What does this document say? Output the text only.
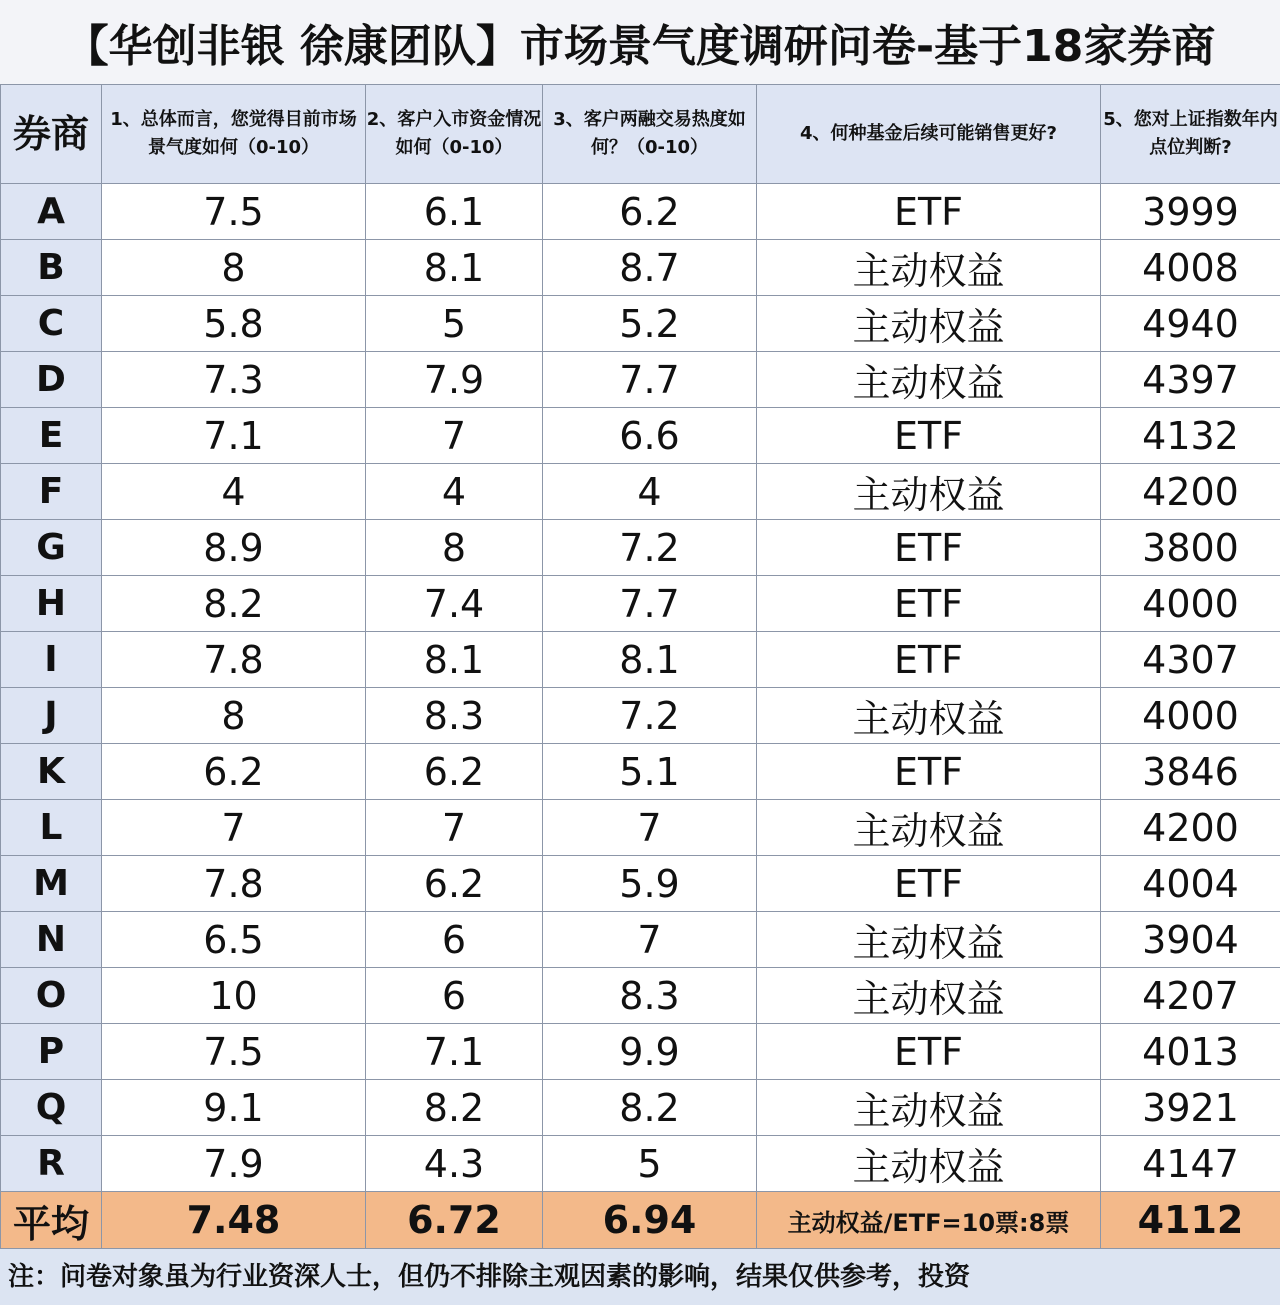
【华创非银 徐康团队】市场景气度调研问卷-基于18家券商
券商	1、总体而言，您觉得目前市场景气度如何（0-10）	2、客户入市资金情况如何（0-10）	3、客户两融交易热度如何？（0-10）	4、何种基金后续可能销售更好?	5、您对上证指数年内点位判断?
A	7.5	6.1	6.2	ETF	3999
B	8	8.1	8.7	主动权益	4008
C	5.8	5	5.2	主动权益	4940
D	7.3	7.9	7.7	主动权益	4397
E	7.1	7	6.6	ETF	4132
F	4	4	4	主动权益	4200
G	8.9	8	7.2	ETF	3800
H	8.2	7.4	7.7	ETF	4000
I	7.8	8.1	8.1	ETF	4307
J	8	8.3	7.2	主动权益	4000
K	6.2	6.2	5.1	ETF	3846
L	7	7	7	主动权益	4200
M	7.8	6.2	5.9	ETF	4004
N	6.5	6	7	主动权益	3904
O	10	6	8.3	主动权益	4207
P	7.5	7.1	9.9	ETF	4013
Q	9.1	8.2	8.2	主动权益	3921
R	7.9	4.3	5	主动权益	4147
平均	7.48	6.72	6.94	主动权益/ETF=10票:8票	4112
注：问卷对象虽为行业资深人士，但仍不排除主观因素的影响，结果仅供参考，投资
